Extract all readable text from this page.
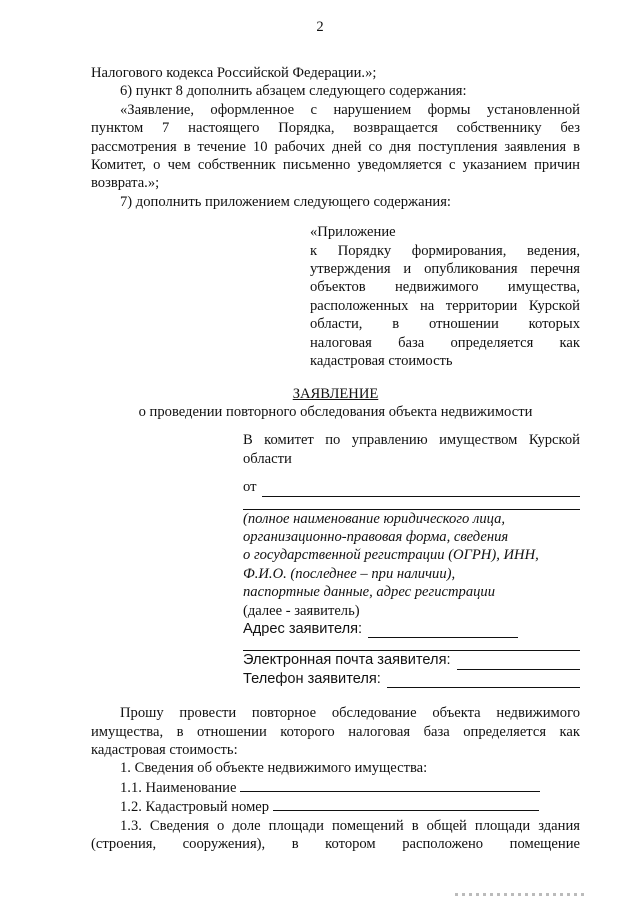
2

Налогового кодекса Российской Федерации.»;

6) пункт 8 дополнить абзацем следующего содержания:

«Заявление, оформленное с нарушением формы установленной

пунктом 7 настоящего Порядка, возвращается собственнику без

рассмотрения в течение 10 рабочих дней со дня поступления заявления в

Комитет, о чем собственник письменно уведомляется с указанием причин

возврата.»;

7) дополнить приложением следующего содержания:

«Приложение

к Порядку формирования, ведения,

утверждения и опубликования перечня

объектов недвижимого имущества,

расположенных на территории Курской

области, в отношении которых

налоговая база определяется как

кадастровая стоимость

ЗАЯВЛЕНИЕ

о проведении повторного обследования объекта недвижимости

В комитет по управлению имуществом Курской

области

от

(полное наименование юридического лица,

организационно-правовая форма, сведения

о государственной регистрации (ОГРН), ИНН,

Ф.И.О. (последнее – при наличии),

паспортные данные, адрес регистрации

(далее - заявитель)

Адрес заявителя:
Электронная почта заявителя:
Телефон заявителя:

Прошу провести повторное обследование объекта недвижимого

имущества, в отношении которого налоговая база определяется как

кадастровая стоимость:

1. Сведения об объекте недвижимого имущества:

1.1. Наименование

1.2. Кадастровый номер

1.3. Сведения о доле площади помещений в общей площади здания

(строения, сооружения), в котором расположено помещение
